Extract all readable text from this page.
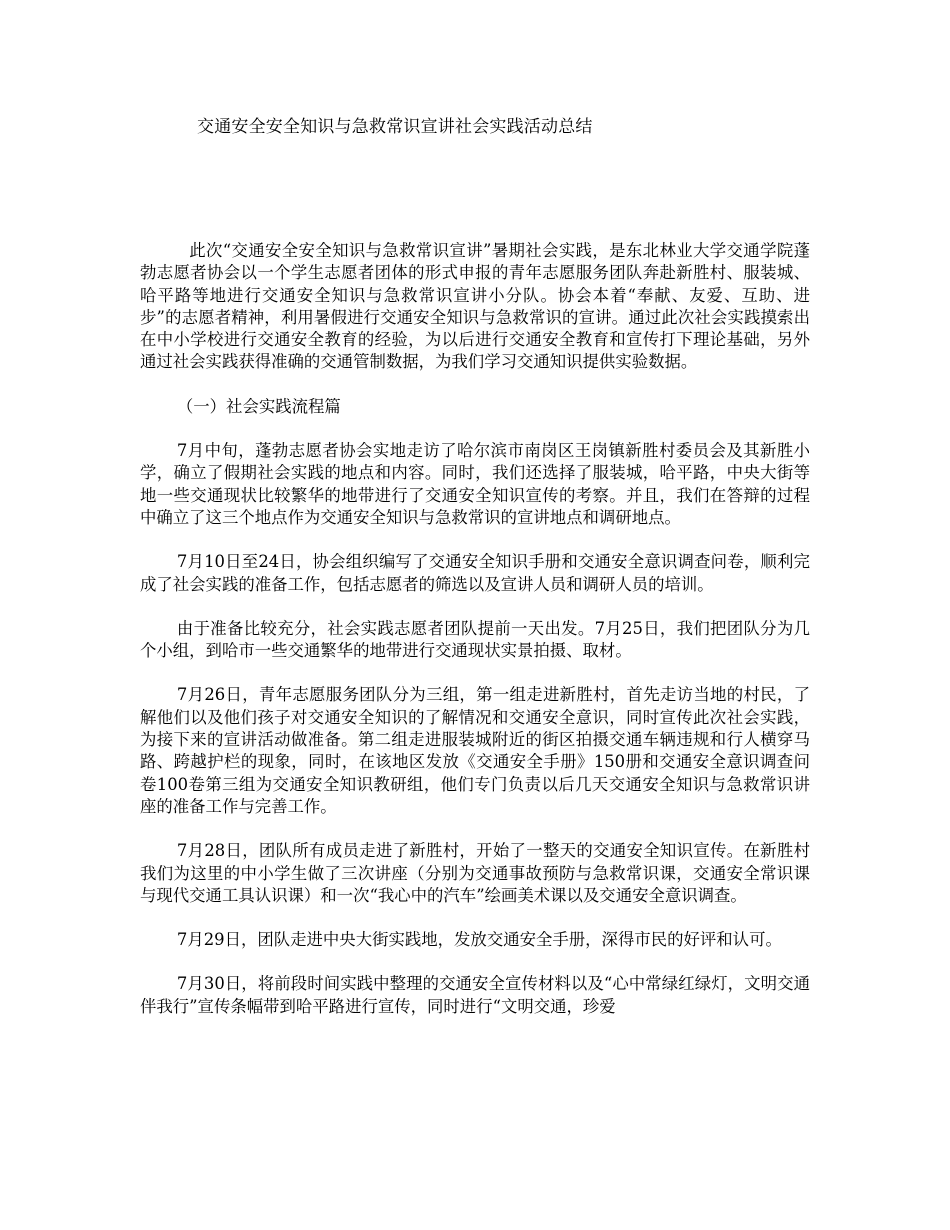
交通安全安全知识与急救常识宣讲社会实践活动总结

此次“交通安全安全知识与急救常识宣讲”暑期社会实践，是东北林业大学交通学院蓬勃志愿者协会以一个学生志愿者团体的形式申报的青年志愿服务团队奔赴新胜村、服装城、哈平路等地进行交通安全知识与急救常识宣讲小分队。协会本着“奉献、友爱、互助、进步”的志愿者精神，利用暑假进行交通安全知识与急救常识的宣讲。通过此次社会实践摸索出在中小学校进行交通安全教育的经验，为以后进行交通安全教育和宣传打下理论基础，另外通过社会实践获得准确的交通管制数据，为我们学习交通知识提供实验数据。

（一）社会实践流程篇

7月中旬，蓬勃志愿者协会实地走访了哈尔滨市南岗区王岗镇新胜村委员会及其新胜小学，确立了假期社会实践的地点和内容。同时，我们还选择了服装城，哈平路，中央大街等地一些交通现状比较繁华的地带进行了交通安全知识宣传的考察。并且，我们在答辩的过程中确立了这三个地点作为交通安全知识与急救常识的宣讲地点和调研地点。

7月10日至24日，协会组织编写了交通安全知识手册和交通安全意识调查问卷，顺利完成了社会实践的准备工作，包括志愿者的筛选以及宣讲人员和调研人员的培训。

由于准备比较充分，社会实践志愿者团队提前一天出发。7月25日，我们把团队分为几个小组，到哈市一些交通繁华的地带进行交通现状实景拍摄、取材。

7月26日，青年志愿服务团队分为三组，第一组走进新胜村，首先走访当地的村民，了解他们以及他们孩子对交通安全知识的了解情况和交通安全意识，同时宣传此次社会实践，为接下来的宣讲活动做准备。第二组走进服装城附近的街区拍摄交通车辆违规和行人横穿马路、跨越护栏的现象，同时，在该地区发放《交通安全手册》150册和交通安全意识调查问卷100卷第三组为交通安全知识教研组，他们专门负责以后几天交通安全知识与急救常识讲座的准备工作与完善工作。

7月28日，团队所有成员走进了新胜村，开始了一整天的交通安全知识宣传。在新胜村我们为这里的中小学生做了三次讲座（分别为交通事故预防与急救常识课，交通安全常识课与现代交通工具认识课）和一次“我心中的汽车”绘画美术课以及交通安全意识调查。

7月29日，团队走进中央大街实践地，发放交通安全手册，深得市民的好评和认可。

7月30日，将前段时间实践中整理的交通安全宣传材料以及“心中常绿红绿灯，文明交通伴我行”宣传条幅带到哈平路进行宣传，同时进行“文明交通，珍爱
